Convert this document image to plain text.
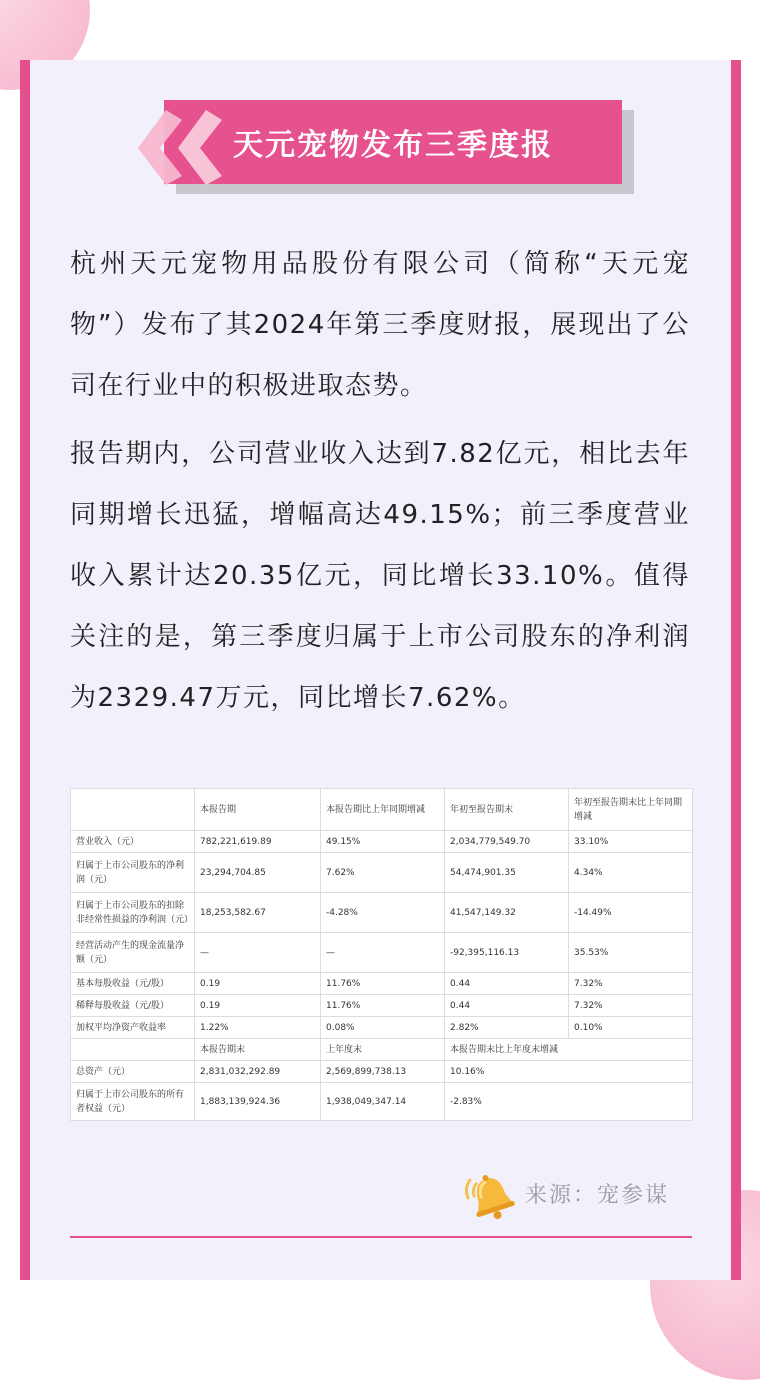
天元宠物发布三季度报

杭州天元宠物用品股份有限公司（简称“天元宠物”）发布了其2024年第三季度财报，展现出了公司在行业中的积极进取态势。

报告期内，公司营业收入达到7.82亿元，相比去年同期增长迅猛，增幅高达49.15%；前三季度营业收入累计达20.35亿元，同比增长33.10%。值得关注的是，第三季度归属于上市公司股东的净利润为2329.47万元，同比增长7.62%。

	本报告期	本报告期比上年同期增减	年初至报告期末	年初至报告期末比上年同期增减
营业收入（元）	782,221,619.89	49.15%	2,034,779,549.70	33.10%
归属于上市公司股东的净利润（元）	23,294,704.85	7.62%	54,474,901.35	4.34%
归属于上市公司股东的扣除非经常性损益的净利润（元）	18,253,582.67	-4.28%	41,547,149.32	-14.49%
经营活动产生的现金流量净额（元）	—	—	-92,395,116.13	35.53%
基本每股收益（元/股）	0.19	11.76%	0.44	7.32%
稀释每股收益（元/股）	0.19	11.76%	0.44	7.32%
加权平均净资产收益率	1.22%	0.08%	2.82%	0.10%
	本报告期末	上年度末	本报告期末比上年度末增减	
总资产（元）	2,831,032,292.89	2,569,899,738.13	10.16%	
归属于上市公司股东的所有者权益（元）	1,883,139,924.36	1,938,049,347.14	-2.83%	
来源：宠参谋
